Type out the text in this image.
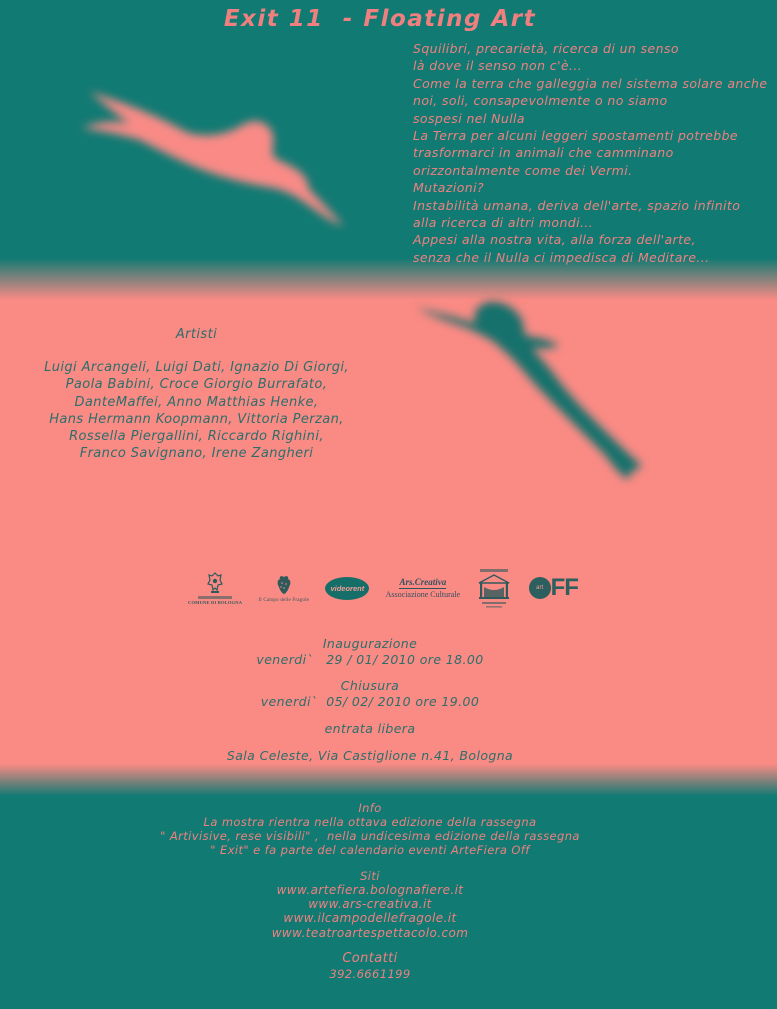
Exit 11  - Floating Art
Squilibri, precarietà, ricerca di un senso
là dove il senso non c'è...
Come la terra che galleggia nel sistema solare anche
noi, soli, consapevolmente o no siamo
sospesi nel Nulla
La Terra per alcuni leggeri spostamenti potrebbe
trasformarci in animali che camminano
orizzontalmente come dei Vermi.
Mutazioni?
Instabilità umana, deriva dell'arte, spazio infinito
alla ricerca di altri mondi...
Appesi alla nostra vita, alla forza dell'arte,
senza che il Nulla ci impedisca di Meditare...
Artisti
Luigi Arcangeli, Luigi Dati, Ignazio Di Giorgi,
Paola Babini, Croce Giorgio Burrafato,
DanteMaffei, Anno Matthias Henke,
Hans Hermann Koopmann, Vittoria Perzan,
Rossella Piergallini, Riccardo Righini,
Franco Savignano, Irene Zangheri
COMUNE DI BOLOGNA	Il Campo delle Fragole
videorent
Ars.Creativa
Associazione Culturale
art FF
Inaugurazione
venerdi`   29 / 01/ 2010 ore 18.00
Chiusura
venerdi`  05/ 02/ 2010 ore 19.00
entrata libera
Sala Celeste, Via Castiglione n.41, Bologna
Info
La mostra rientra nella ottava edizione della rassegna
" Artivisive, rese visibili" ,  nella undicesima edizione della rassegna
" Exit" e fa parte del calendario eventi ArteFiera Off
Siti
www.artefiera.bolognafiere.it
www.ars-creativa.it
www.ilcampodellefragole.it
www.teatroartespettacolo.com
Contatti
392.6661199
